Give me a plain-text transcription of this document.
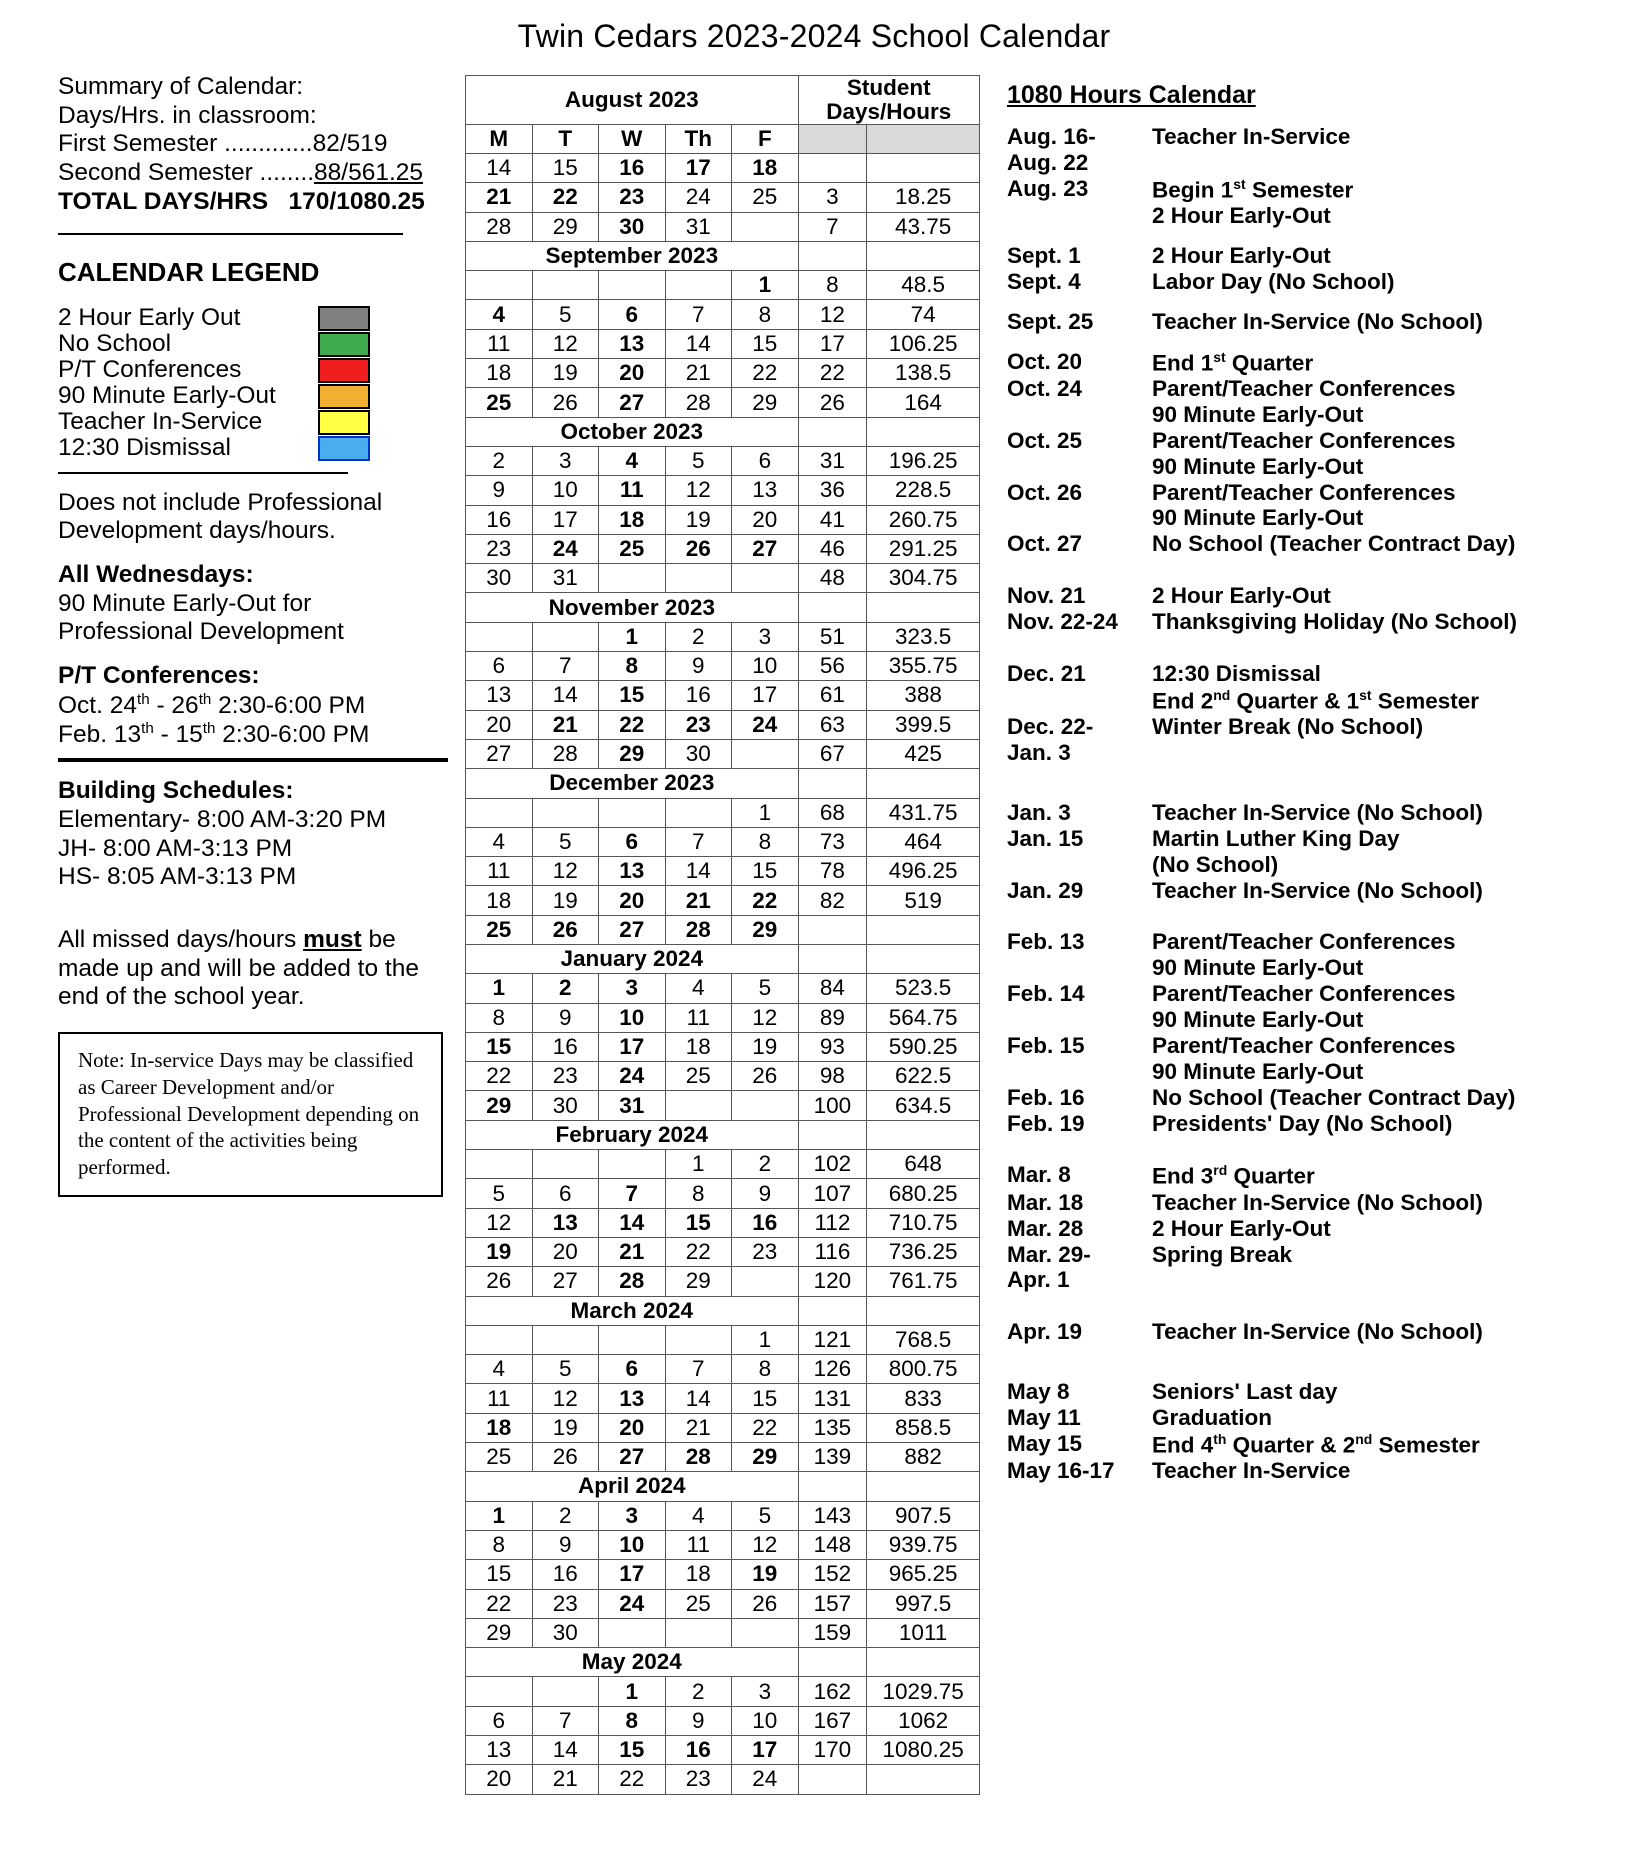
Twin Cedars 2023-2024 School Calendar
Summary of Calendar:
Days/Hrs. in classroom:
First Semester .............82/519
Second Semester ........88/561.25
TOTAL DAYS/HRS 170/1080.25
CALENDAR LEGEND
2 Hour Early Out
No School
P/T Conferences
90 Minute Early-Out
Teacher In-Service
12:30 Dismissal
Does not include Professional Development days/hours.
All Wednesdays:
90 Minute Early-Out for
Professional Development
P/T Conferences:
Oct. 24th - 26th 2:30-6:00 PM
Feb. 13th - 15th 2:30-6:00 PM
Building Schedules:
Elementary- 8:00 AM-3:20 PM
JH- 8:00 AM-3:13 PM
HS- 8:05 AM-3:13 PM
All missed days/hours must be made up and will be added to the end of the school year.
Note: In-service Days may be classified as Career Development and/or Professional Development depending on the content of the activities being performed.
August 2023					Student
Days/Hours	
M	T	W	Th	F		
14	15	16	17	18		
21	22	23	24	25	3	18.25
28	29	30	31		7	43.75
September 2023						
				1	8	48.5
4	5	6	7	8	12	74
11	12	13	14	15	17	106.25
18	19	20	21	22	22	138.5
25	26	27	28	29	26	164
October 2023						
2	3	4	5	6	31	196.25
9	10	11	12	13	36	228.5
16	17	18	19	20	41	260.75
23	24	25	26	27	46	291.25
30	31				48	304.75
November 2023						
		1	2	3	51	323.5
6	7	8	9	10	56	355.75
13	14	15	16	17	61	388
20	21	22	23	24	63	399.5
27	28	29	30		67	425
December 2023						
				1	68	431.75
4	5	6	7	8	73	464
11	12	13	14	15	78	496.25
18	19	20	21	22	82	519
25	26	27	28	29		
January 2024						
1	2	3	4	5	84	523.5
8	9	10	11	12	89	564.75
15	16	17	18	19	93	590.25
22	23	24	25	26	98	622.5
29	30	31			100	634.5
February 2024						
			1	2	102	648
5	6	7	8	9	107	680.25
12	13	14	15	16	112	710.75
19	20	21	22	23	116	736.25
26	27	28	29		120	761.75
March 2024						
				1	121	768.5
4	5	6	7	8	126	800.75
11	12	13	14	15	131	833
18	19	20	21	22	135	858.5
25	26	27	28	29	139	882
April 2024						
1	2	3	4	5	143	907.5
8	9	10	11	12	148	939.75
15	16	17	18	19	152	965.25
22	23	24	25	26	157	997.5
29	30				159	1011
May 2024						
		1	2	3	162	1029.75
6	7	8	9	10	167	1062
13	14	15	16	17	170	1080.25
20	21	22	23	24		
1080 Hours Calendar
Aug. 16-	Teacher In-Service
Aug. 22
Aug. 23	Begin 1st Semester
2 Hour Early-Out
Sept. 1	2 Hour Early-Out
Sept. 4	Labor Day (No School)
Sept. 25	Teacher In-Service (No School)
Oct. 20	End 1st Quarter
Oct. 24	Parent/Teacher Conferences
90 Minute Early-Out
Oct. 25	Parent/Teacher Conferences
90 Minute Early-Out
Oct. 26	Parent/Teacher Conferences
90 Minute Early-Out
Oct. 27	No School (Teacher Contract Day)
Nov. 21	2 Hour Early-Out
Nov. 22-24	Thanksgiving Holiday (No School)
Dec. 21	12:30 Dismissal
End 2nd Quarter & 1st Semester
Dec. 22-	Winter Break (No School)
Jan. 3
Jan. 3	Teacher In-Service (No School)
Jan. 15	Martin Luther King Day
(No School)
Jan. 29	Teacher In-Service (No School)
Feb. 13	Parent/Teacher Conferences
90 Minute Early-Out
Feb. 14	Parent/Teacher Conferences
90 Minute Early-Out
Feb. 15	Parent/Teacher Conferences
90 Minute Early-Out
Feb. 16	No School (Teacher Contract Day)
Feb. 19	Presidents' Day (No School)
Mar. 8	End 3rd Quarter
Mar. 18	Teacher In-Service (No School)
Mar. 28	2 Hour Early-Out
Mar. 29-	Spring Break
Apr. 1
Apr. 19	Teacher In-Service (No School)
May 8	Seniors' Last day
May 11	Graduation
May 15	End 4th Quarter & 2nd Semester
May 16-17	Teacher In-Service
